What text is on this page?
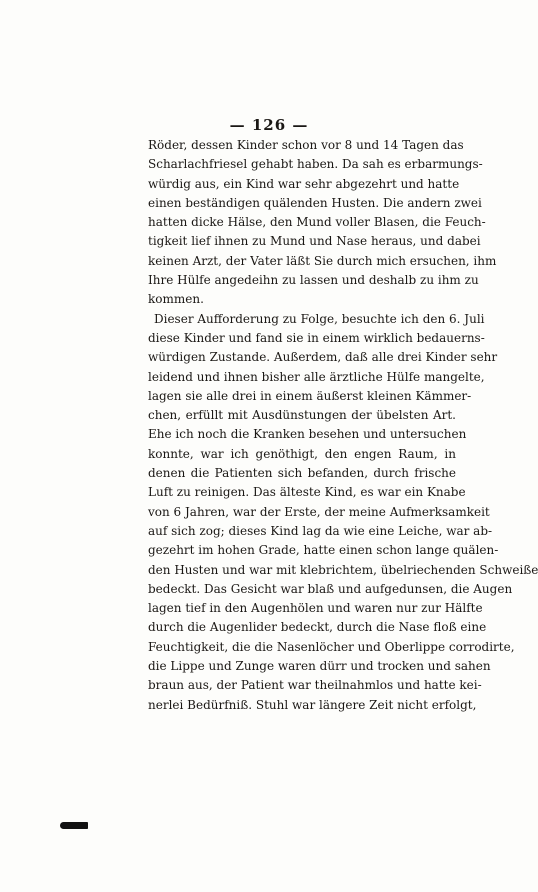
— 126 —
Röder, dessen Kinder schon vor 8 und 14 Tagen das
Scharlachfriesel gehabt haben. Da sah es erbarmungs-
würdig aus, ein Kind war sehr abgezehrt und hatte
einen beständigen quälenden Husten. Die andern zwei
hatten dicke Hälse, den Mund voller Blasen, die Feuch-
tigkeit lief ihnen zu Mund und Nase heraus, und dabei
keinen Arzt, der Vater läßt Sie durch mich ersuchen, ihm
Ihre Hülfe angedeihn zu lassen und deshalb zu ihm zu
kommen.
Dieser Aufforderung zu Folge, besuchte ich den 6. Juli
diese Kinder und fand sie in einem wirklich bedauerns-
würdigen Zustande. Außerdem, daß alle drei Kinder sehr
leidend und ihnen bisher alle ärztliche Hülfe mangelte,
lagen sie alle drei in einem äußerst kleinen Kämmer-
chen, erfüllt mit Ausdünstungen der übelsten Art.
Ehe ich noch die Kranken besehen und untersuchen
konnte, war ich genöthigt, den engen Raum, in
denen die Patienten sich befanden, durch frische
Luft zu reinigen. Das älteste Kind, es war ein Knabe
von 6 Jahren, war der Erste, der meine Aufmerksamkeit
auf sich zog; dieses Kind lag da wie eine Leiche, war ab-
gezehrt im hohen Grade, hatte einen schon lange quälen-
den Husten und war mit klebrichtem, übelriechenden Schweiße
bedeckt. Das Gesicht war blaß und aufgedunsen, die Augen
lagen tief in den Augenhölen und waren nur zur Hälfte
durch die Augenlider bedeckt, durch die Nase floß eine
Feuchtigkeit, die die Nasenlöcher und Oberlippe corrodirte,
die Lippe und Zunge waren dürr und trocken und sahen
braun aus, der Patient war theilnahmlos und hatte kei-
nerlei Bedürfniß. Stuhl war längere Zeit nicht erfolgt,
